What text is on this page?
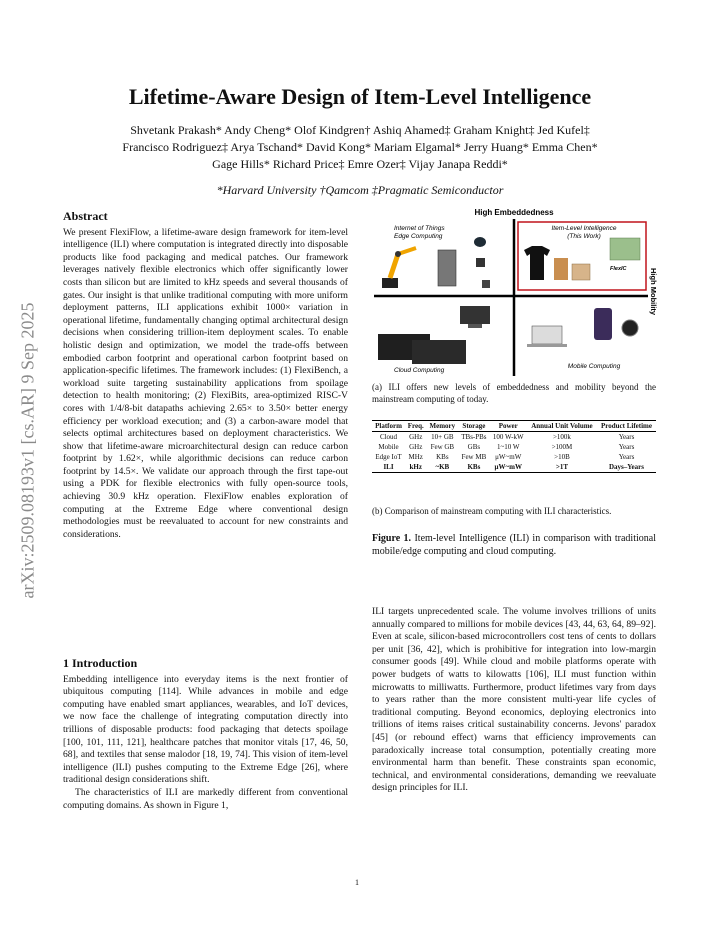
arXiv:2509.08193v1 [cs.AR] 9 Sep 2025
Lifetime-Aware Design of Item-Level Intelligence
Shvetank Prakash* Andy Cheng* Olof Kindgren† Ashiq Ahamed‡ Graham Knight‡ Jed Kufel‡
Francisco Rodriguez‡ Arya Tschand* David Kong* Mariam Elgamal* Jerry Huang* Emma Chen*
Gage Hills* Richard Price‡ Emre Ozer‡ Vijay Janapa Reddi*
*Harvard University †Qamcom ‡Pragmatic Semiconductor
Abstract

We present FlexiFlow, a lifetime-aware design framework for item-level intelligence (ILI) where computation is integrated directly into disposable products like food packaging and medical patches. Our framework leverages natively flexible electronics which offer significantly lower costs than silicon but are limited to kHz speeds and several thousands of gates. Our insight is that unlike traditional computing with more uniform deployment patterns, ILI applications exhibit 1000× variation in operational lifetime, fundamentally changing optimal architectural design decisions when considering trillion-item deployment scales. To enable holistic design and optimization, we model the trade-offs between embodied carbon footprint and operational carbon footprint based on application-specific lifetimes. The framework includes: (1) FlexiBench, a workload suite targeting sustainability applications from spoilage detection to health monitoring; (2) FlexiBits, area-optimized RISC-V cores with 1/4/8-bit datapaths achieving 2.65× to 3.50× better energy efficiency per workload execution; and (3) a carbon-aware model that selects optimal architectures based on deployment characteristics. We show that lifetime-aware microarchitectural design can reduce carbon footprint by 1.62×, while algorithmic decisions can reduce carbon footprint by 14.5×. We validate our approach through the first tape-out using a PDK for flexible electronics with fully open-source tools, achieving 30.9 kHz operation. FlexiFlow enables exploration of computing at the Extreme Edge where conventional design methodologies must be reevaluated to account for new constraints and considerations.

1 Introduction

Embedding intelligence into everyday items is the next frontier of ubiquitous computing [114]. While advances in mobile and edge computing have enabled smart appliances, wearables, and IoT devices, we now face the challenge of integrating computation directly into trillions of disposable products: food packaging that detects spoilage [100, 101, 111, 121], healthcare patches that monitor vitals [17, 46, 50, 68], and textiles that sense malodor [18, 19, 74]. This vision of item-level intelligence (ILI) pushes computing to the Extreme Edge [26], where traditional design considerations shift.

The characteristics of ILI are markedly different from conventional computing domains. As shown in Figure 1,

High Embeddedness
High Mobility
Internet of Things Edge Computing
Item-Level Intelligence (This Work)
FlexIC
Cloud Computing
Mobile Computing
(a) ILI offers new levels of embeddedness and mobility beyond the mainstream computing of today.
Platform	Freq.	Memory	Storage	Power	Annual Unit Volume	Product Lifetime
Cloud	GHz	10+ GB	TBs-PBs	100 W-kW	>100k	Years
Mobile	GHz	Few GB	GBs	1~10 W	>100M	Years
Edge IoT	MHz	KBs	Few MB	μW~mW	>10B	Years
ILI	kHz	~KB	KBs	μW~mW	>1T	Days–Years
(b) Comparison of mainstream computing with ILI characteristics.
Figure 1. Item-level Intelligence (ILI) in comparison with traditional mobile/edge computing and cloud computing.
ILI targets unprecedented scale. The volume involves trillions of units annually compared to millions for mobile devices [43, 44, 63, 64, 89–92]. Even at scale, silicon-based microcontrollers cost tens of cents to dollars per unit [36, 42], which is prohibitive for integration into low-margin consumer goods [49]. While cloud and mobile platforms operate with power budgets of watts to kilowatts [106], ILI must function within microwatts to milliwatts. Furthermore, product lifetimes vary from days to years rather than the more consistent multi-year life cycles of traditional computing. Beyond economics, deploying electronics into trillions of items raises critical sustainability concerns. Jevons' paradox [45] (or rebound effect) warns that efficiency improvements can paradoxically increase total consumption, potentially creating more environmental harm than benefit. These constraints span economic, technical, and environmental considerations, demanding we reevaluate design principles for ILI.
1
